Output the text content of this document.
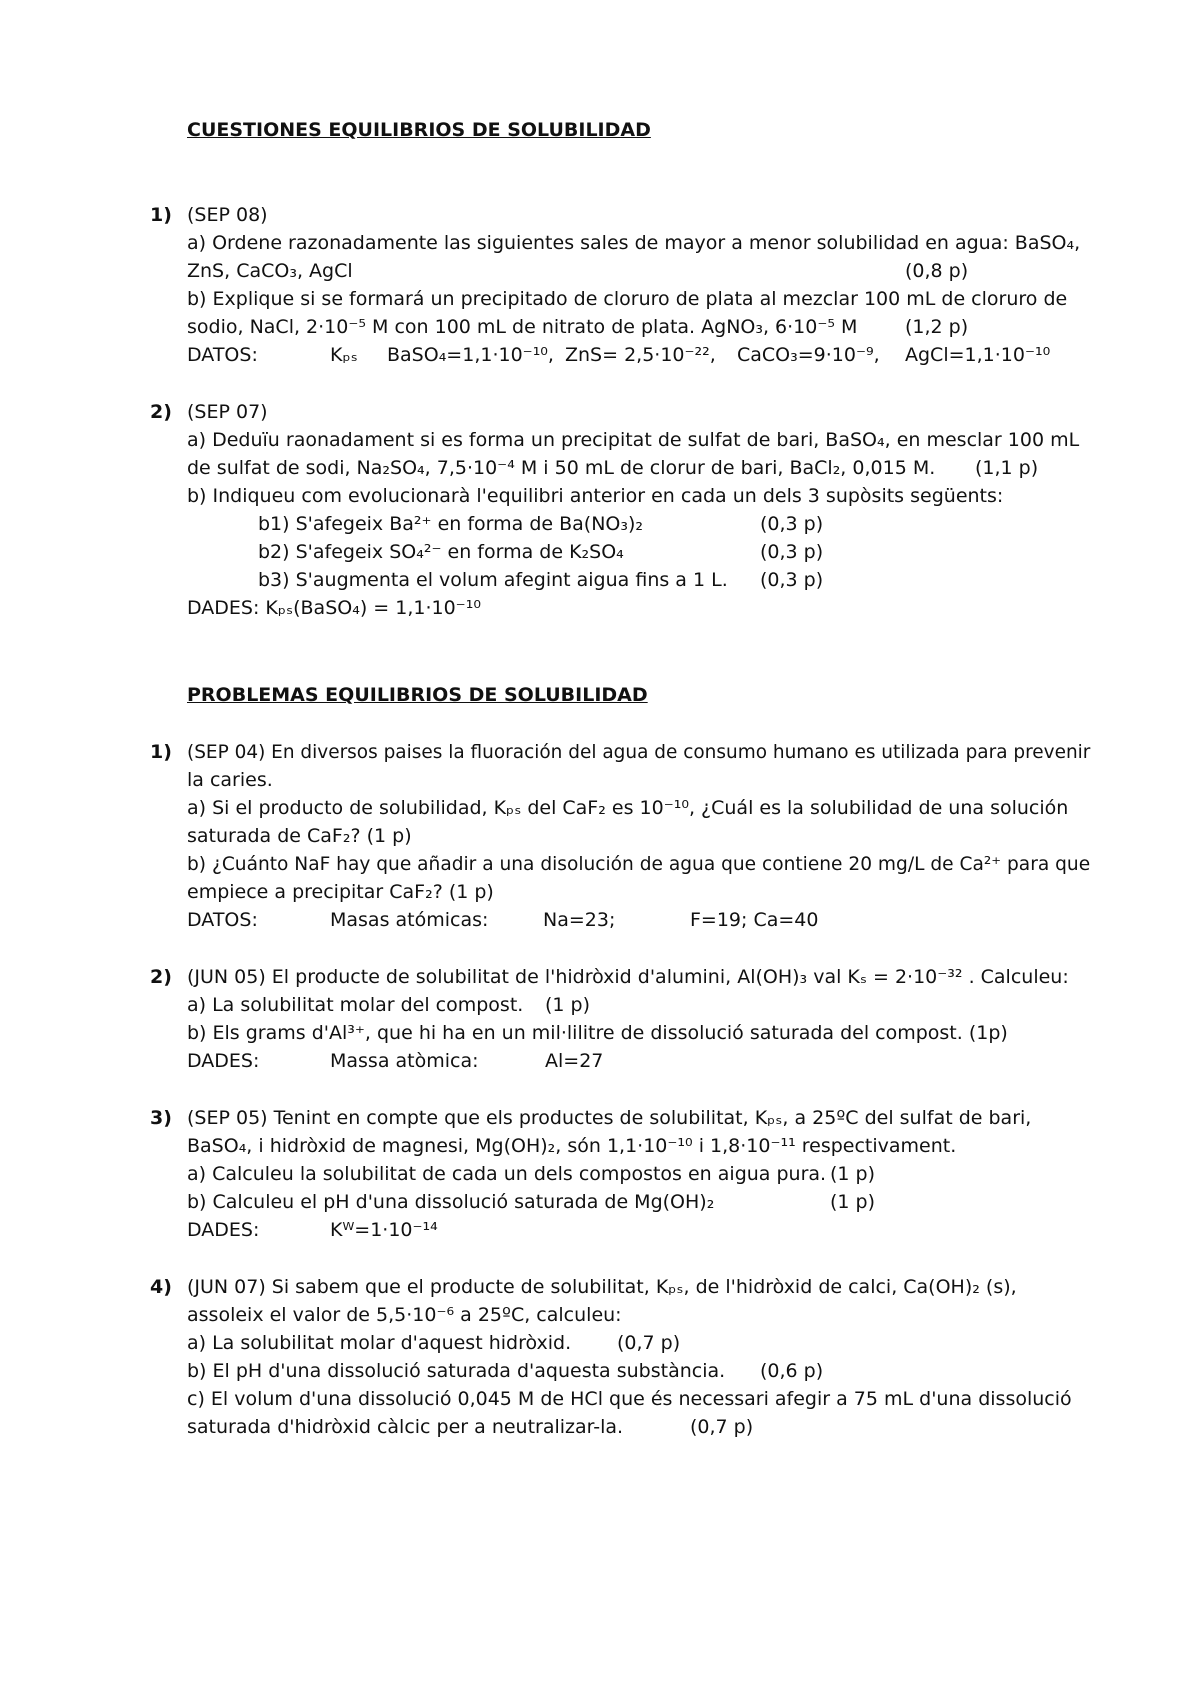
CUESTIONES EQUILIBRIOS DE SOLUBILIDAD
1) (SEP 08)
a) Ordene razonadamente las siguientes sales de mayor a menor solubilidad en agua: BaSO₄,
ZnS, CaCO₃, AgCl	(0,8 p)
b) Explique si se formará un precipitado de cloruro de plata al mezclar 100 mL de cloruro de
sodio, NaCl, 2·10⁻⁵ M con 100 mL de nitrato de plata. AgNO₃, 6·10⁻⁵ M	(1,2 p)
DATOS:	Kₚₛ BaSO₄=1,1·10⁻¹⁰, ZnS= 2,5·10⁻²², CaCO₃=9·10⁻⁹, AgCl=1,1·10⁻¹⁰
2) (SEP 07)
a) Deduïu raonadament si es forma un precipitat de sulfat de bari, BaSO₄, en mesclar 100 mL
de sulfat de sodi, Na₂SO₄, 7,5·10⁻⁴ M i 50 mL de clorur de bari, BaCl₂, 0,015 M. (1,1 p)
b) Indiqueu com evolucionarà l'equilibri anterior en cada un dels 3 supòsits següents:
b1) S'afegeix Ba²⁺ en forma de Ba(NO₃)₂	(0,3 p)
b2) S'afegeix SO₄²⁻ en forma de K₂SO₄	(0,3 p)
b3) S'augmenta el volum afegint aigua fins a 1 L. (0,3 p)
DADES: Kₚₛ(BaSO₄) = 1,1·10⁻¹⁰
PROBLEMAS EQUILIBRIOS DE SOLUBILIDAD
1) (SEP 04) En diversos paises la fluoración del agua de consumo humano es utilizada para prevenir
la caries.
a) Si el producto de solubilidad, Kₚₛ del CaF₂ es 10⁻¹⁰, ¿Cuál es la solubilidad de una solución
saturada de CaF₂? (1 p)
b) ¿Cuánto NaF hay que añadir a una disolución de agua que contiene 20 mg/L de Ca²⁺ para que
empiece a precipitar CaF₂? (1 p)
DATOS:	Masas atómicas:	Na=23;	F=19; Ca=40
2) (JUN 05) El producte de solubilitat de l'hidròxid d'alumini, Al(OH)₃ val Kₛ = 2·10⁻³² . Calculeu:
a) La solubilitat molar del compost. (1 p)
b) Els grams d'Al³⁺, que hi ha en un mil·lilitre de dissolució saturada del compost. (1p)
DADES:	Massa atòmica:	Al=27
3) (SEP 05) Tenint en compte que els productes de solubilitat, Kₚₛ, a 25ºC del sulfat de bari,
BaSO₄, i hidròxid de magnesi, Mg(OH)₂, són 1,1·10⁻¹⁰ i 1,8·10⁻¹¹ respectivament.
a) Calculeu la solubilitat de cada un dels compostos en aigua pura. (1 p)
b) Calculeu el pH d'una dissolució saturada de Mg(OH)₂	(1 p)
DADES:	Kᵂ=1·10⁻¹⁴
4) (JUN 07) Si sabem que el producte de solubilitat, Kₚₛ, de l'hidròxid de calci, Ca(OH)₂ (s),
assoleix el valor de 5,5·10⁻⁶ a 25ºC, calculeu:
a) La solubilitat molar d'aquest hidròxid. (0,7 p)
b) El pH d'una dissolució saturada d'aquesta substància. (0,6 p)
c) El volum d'una dissolució 0,045 M de HCl que és necessari afegir a 75 mL d'una dissolució
saturada d'hidròxid càlcic per a neutralizar-la.	(0,7 p)
